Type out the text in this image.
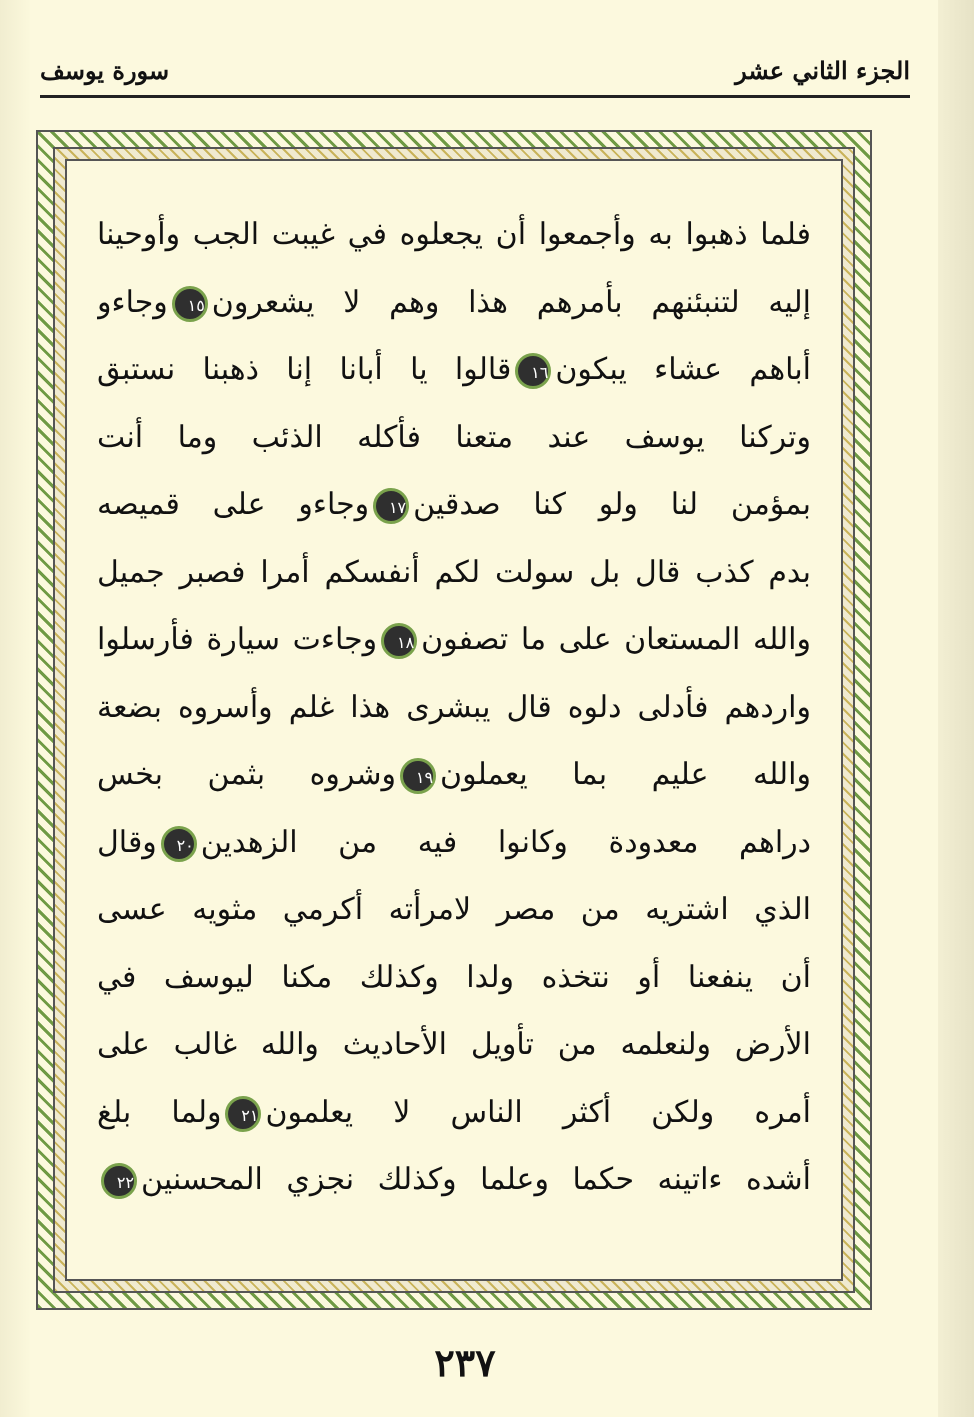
سورة يوسف	الجزء الثاني عشر
فلما ذهبوا به وأجمعوا أن يجعلوه في غيبت الجب وأوحينا
إليه لتنبئنهم بأمرهم هذا وهم لا يشعرون١٥وجاءو
أباهم عشاء يبكون١٦قالوا يا أبانا إنا ذهبنا نستبق
وتركنا يوسف عند متعنا فأكله الذئب وما أنت
بمؤمن لنا ولو كنا صدقين١٧وجاءو على قميصه
بدم كذب قال بل سولت لكم أنفسكم أمرا فصبر جميل
والله المستعان على ما تصفون١٨وجاءت سيارة فأرسلوا
واردهم فأدلى دلوه قال يبشرى هذا غلم وأسروه بضعة
والله عليم بما يعملون١٩وشروه بثمن بخس
دراهم معدودة وكانوا فيه من الزهدين٢٠وقال
الذي اشتريه من مصر لامرأته أكرمي مثويه عسى
أن ينفعنا أو نتخذه ولدا وكذلك مكنا ليوسف في
الأرض ولنعلمه من تأويل الأحاديث والله غالب على
أمره ولكن أكثر الناس لا يعلمون٢١ولما بلغ
أشده ءاتينه حكما وعلما وكذلك نجزي المحسنين٢٢
٢٣٧
